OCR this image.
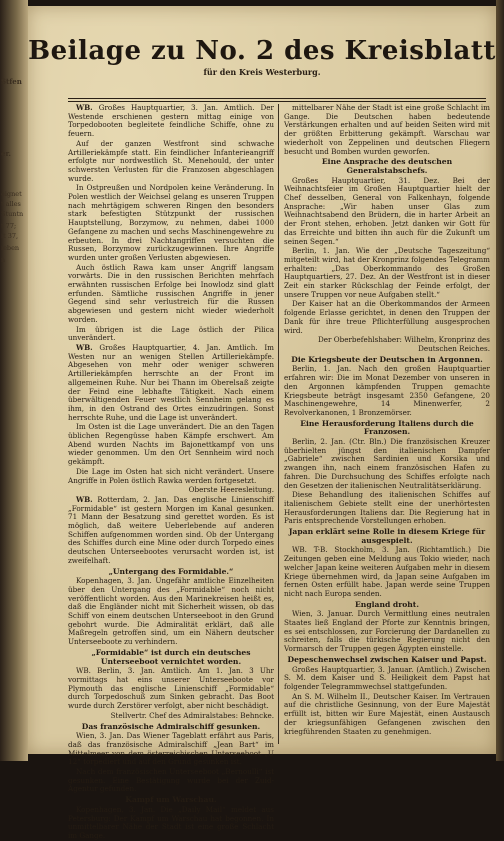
Stfen
er.
eignet
t alles
Stuntn
t 77;
it 37,
ieben
n
Beilage zu No. 2 des Kreisblatt
für den Kreis Westerburg.

WB. Großes Hauptquartier, 3. Jan. Amtlich. Der Westende erschienen gestern mittag einige von Torpedobooten begleitete feindliche Schiffe, ohne zu feuern.

Auf der ganzen Westfront sind schwache Artilleriekämpfe statt. Ein feindlicher Infanterieangriff erfolgte nur nordwestlich St. Menehould, der unter schwersten Verlusten für die Franzosen abgeschlagen wurde.

In Ostpreußen und Nordpolen keine Veränderung. In Polen westlich der Weichsel gelang es unseren Truppen nach mehrtägigem schweren Ringen den besonders stark befestigten Stützpunkt der russischen Hauptstellung, Borzymow, zu nehmen, dabei 1000 Gefangene zu machen und sechs Maschinengewehre zu erbeuten. In drei Nachtangriffen versuchten die Russen, Borzymow zurückzugewinnen. Ihre Angriffe wurden unter großen Verlusten abgewiesen.

Auch östlich Rawa kam unser Angriff langsam vorwärts. Die in den russischen Berichten mehrfach erwähnten russischen Erfolge bei Inowlodz sind glatt erfunden. Sämtliche russischen Angriffe in jener Gegend sind sehr verlustreich für die Russen abgewiesen und gestern nicht wieder wiederholt worden.

Im übrigen ist die Lage östlich der Pilica unverändert.

WB. Großes Hauptquartier, 4. Jan. Amtlich. Im Westen nur an wenigen Stellen Artilleriekämpfe. Abgesehen von mehr oder weniger schweren Artilleriekämpfen herrschte an der Front im allgemeinen Ruhe. Nur bei Thann im Oberelsaß zeigte der Feind eine lebhafte Tätigkeit. Nach einem überwältigenden Feuer westlich Sennheim gelang es ihm, in den Ostrand des Ortes einzudringen. Sonst herrschte Ruhe, und die Lage ist unverändert.

Im Osten ist die Lage unverändert. Die an den Tagen üblichen Regengüsse haben Kämpfe erschwert. Am Abend wurden Nachts im Bajonettkampf von uns wieder genommen. Um den Ort Sennheim wird noch gekämpft.

Die Lage im Osten hat sich nicht verändert. Unsere Angriffe in Polen östlich Rawka werden fortgesetzt.

Oberste Heeresleitung.

WB. Rotterdam, 2. Jan. Das englische Linienschiff „Formidable“ ist gestern Morgen im Kanal gesunken. 71 Mann der Besatzung sind gerettet worden. Es ist möglich, daß weitere Ueberlebende auf anderen Schiffen aufgenommen worden sind. Ob der Untergang des Schiffes durch eine Mine oder durch Torpedo eines deutschen Unterseebootes verursacht worden ist, ist zweifelhaft.

„Untergang des Formidable.“

Kopenhagen, 3. Jan. Ungefähr amtliche Einzelheiten über den Untergang des „Formidable“ noch nicht veröffentlicht worden. Aus den Marinekreisen heißt es, daß die Engländer nicht mit Sicherheit wissen, ob das Schiff von einem deutschen Unterseeboot in den Grund gebohrt wurde. Die Admiralität erklärt, daß alle Maßregeln getroffen sind, um ein Nähern deutscher Unterseeboote zu verhindern.

„Formidable“ ist durch ein deutsches Unterseeboot vernichtet worden.

WB. Berlin, 3. Jan. Amtlich. Am 1. Jan. 3 Uhr vormittags hat eins unserer Unterseeboote vor Plymouth das englische Linienschiff „Formidable“ durch Torpedoschuß zum Sinken gebracht. Das Boot wurde durch Zerstörer verfolgt, aber nicht beschädigt.

Stellvertr. Chef des Admiralstabes: Behncke.

Das französische Admiralschiff gesunken.

Wien, 3. Jan. Das Wiener Tageblatt erfährt aus Paris, daß das französische Admiralschiff „Jean Bart“ im Mittelmeer von dem österreichischen Unterseeboot „U 12“ torpediert und auf den Grund gesunken ist.

Nach dem französischen Unterseeboot „Bernoulli“ ist gesunken. Eine Bestätigung wurde bei der Zuid-Agentur gefunden.

Kampf um Warschau.

Kopenhagen, 3. Jan. Die „Daily Mail“ meldet aus Petersburg: Der Kampf um Warschau hat begonnen. In unmittelbarer Nähe der Stadt ist eine große Schlacht im Gange.

mittelbarer Nähe der Stadt ist eine große Schlacht im Gange. Die Deutschen haben bedeutende Verstärkungen erhalten und auf beiden Seiten wird mit der größten Erbitterung gekämpft. Warschau war wiederholt von Zeppelinen und deutschen Fliegern besucht und Bomben wurden geworfen.

Eine Ansprache des deutschen Generalstabschefs.

Großes Hauptquartier, 31. Dez. Bei der Weihnachtsfeier im Großen Hauptquartier hielt der Chef desselben, General von Falkenhayn, folgende Ansprache: „Wir haben unser Glas zum Weihnachtsabend den Brüdern, die in harter Arbeit an der Front stehen, erhoben. Jetzt danken wir Gott für das Erreichte und bitten ihn auch für die Zukunft um seinen Segen.“

Berlin, 1. Jan. Wie der „Deutsche Tageszeitung“ mitgeteilt wird, hat der Kronprinz folgendes Telegramm erhalten: „Das Oberkommando des Großen Hauptquartiers, 27. Dez. An der Westfront ist in dieser Zeit ein starker Rückschlag der Feinde erfolgt, der unsere Truppen vor neue Aufgaben stellt.“

Der Kaiser hat an die Oberkommandos der Armeen folgende Erlasse gerichtet, in denen den Truppen der Dank für ihre treue Pflichterfüllung ausgesprochen wird.

Der Oberbefehlshaber: Wilhelm, Kronprinz des Deutschen Reiches.

Die Kriegsbeute der Deutschen in Argonnen.

Berlin, 1. Jan. Nach den großen Hauptquartier erfahren wir: Die im Monat Dezember von unseren in den Argonnen kämpfenden Truppen gemachte Kriegsbeute beträgt insgesamt 2350 Gefangene, 20 Maschinengewehre, 14 Minenwerfer, 2 Revolverkanonen, 1 Bronzemörser.

Eine Herausforderung Italiens durch die Franzosen.

Berlin, 2. Jan. (Ctr. Bln.) Die französischen Kreuzer überhielten jüngst den italienischen Dampfer „Gabriele“ zwischen Sardinien und Korsika und zwangen ihn, nach einem französischen Hafen zu fahren. Die Durchsuchung des Schiffes erfolgte nach den Gesetzen der italienischen Neutralitätserklärung.

Diese Behandlung des italienischen Schiffes auf italienischem Gebiete stellt eine der unerhörtesten Herausforderungen Italiens dar. Die Regierung hat in Paris entsprechende Vorstellungen erhoben.

Japan erklärt seine Rolle in diesem Kriege für ausgespielt.

WB. T-B. Stockholm, 3. Jan. (Richtamtlich.) Die Zeitungen geben eine Meldung aus Tokio wieder, nach welcher Japan keine weiteren Aufgaben mehr in diesem Kriege übernehmen wird, da Japan seine Aufgaben im fernen Osten erfüllt habe. Japan werde seine Truppen nicht nach Europa senden.

England droht.

Wien, 3. Januar. Durch Vermittlung eines neutralen Staates ließ England der Pforte zur Kenntnis bringen, es sei entschlossen, zur Forcierung der Dardanellen zu schreiten, falls die türkische Regierung nicht den Vormarsch der Truppen gegen Ägypten einstelle.

Depeschenwechsel zwischen Kaiser und Papst.

Großes Hauptquartier, 3. Januar. (Amtlich.) Zwischen S. M. dem Kaiser und S. Heiligkeit dem Papst hat folgender Telegrammwechsel stattgefunden.

An S. M. Wilhelm II., Deutscher Kaiser. Im Vertrauen auf die christliche Gesinnung, von der Eure Majestät erfüllt ist, bitten wir Eure Majestät, einen Austausch der kriegsunfähigen Gefangenen zwischen den kriegführenden Staaten zu genehmigen.
